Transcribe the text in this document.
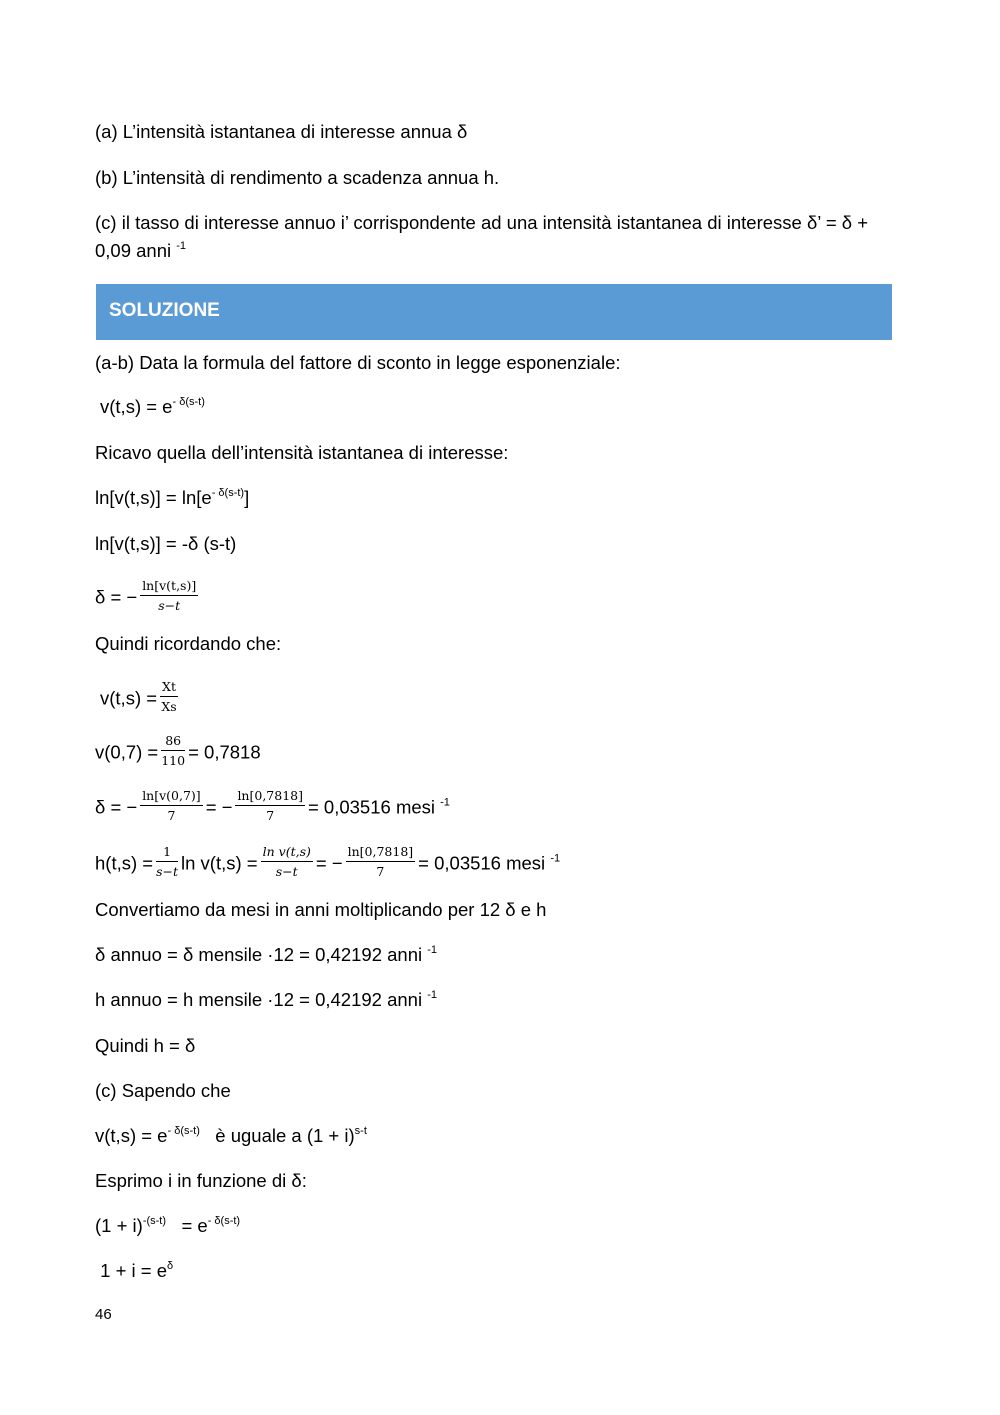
(a) L’intensità istantanea di interesse annua δ
(b) L’intensità di rendimento a scadenza annua h.
(c) il tasso di interesse annuo i’ corrispondente ad una intensità istantanea di interesse δ’ = δ + 0,09 anni $^{-1}$
SOLUZIONE
(a-b) Data la formula del fattore di sconto in legge esponenziale:
$v(t,s) = e^{- \delta(s-t)}$
Ricavo quella dell’intensità istantanea di interesse:
$\ln[v(t,s)] = \ln[e^{- \delta(s-t)}]$
ln[v(t,s)] = -δ (s-t)
δ = − $\frac{\ln[v(t,s)]}{s-t}$
Quindi ricordando che:
$v(t,s) = \frac{Xt}{Xs}$
$v(0,7) = \frac{86}{110} = 0,7818$
δ = − $\frac{\ln[v(0,7)]}{7}$ = − $\frac{\ln[0,7818]}{7} = 0,03516$ mesi $^{-1}$
$h(t,s) = \frac{1}{s-t}$ $\ln v(t,s) = \frac{\text{ln v(t,s)}}{s-t}$ = − $\frac{\ln[0,7818]}{7} = 0,03516$ mesi $^{-1}$
Convertiamo da mesi in anni moltiplicando per 12 δ e h
δ annuo = δ mensile ·12 = 0,42192 anni $^{-1}$
h annuo = h mensile ·12 = 0,42192 anni $^{-1}$
Quindi h = δ
(c) Sapendo che
$v(t,s) = e^{- \delta(s-t)}$   è uguale a $(1 + i)^{s-t}$
Esprimo i in funzione di δ:
$(1 + i)^{-(s-t)} = e^{- \delta(s-t)}$
$1 + i = e^\delta$
46
